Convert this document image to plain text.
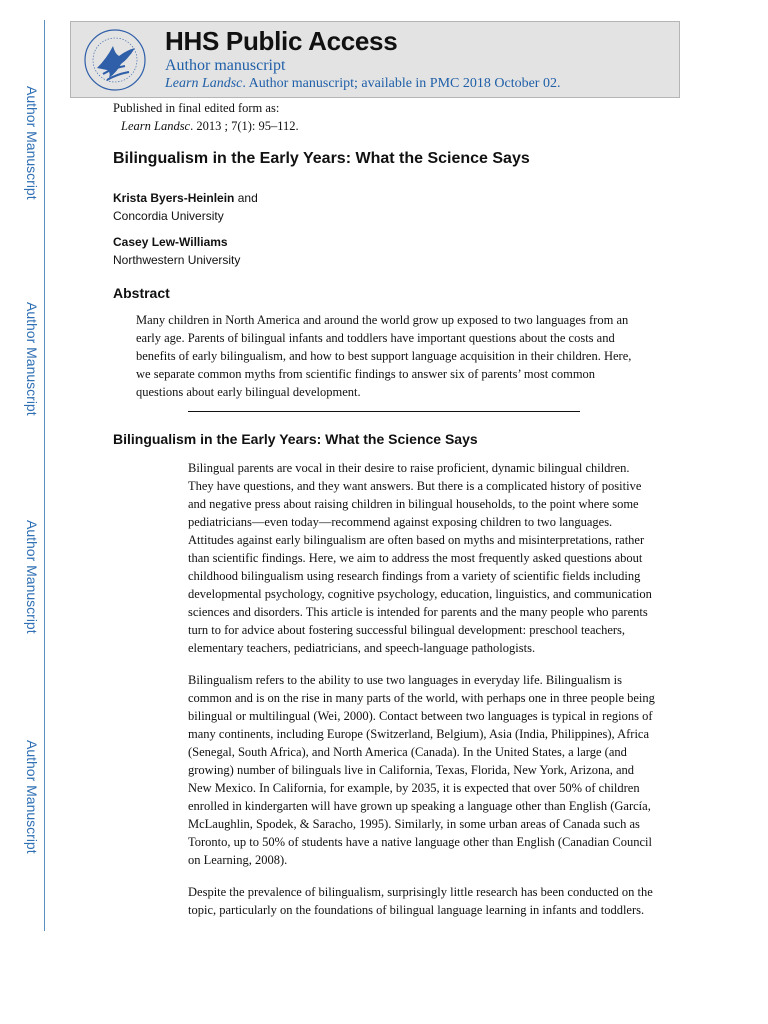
Author Manuscript
Author Manuscript
Author Manuscript
Author Manuscript
HHS Public Access
Author manuscript
Learn Landsc. Author manuscript; available in PMC 2018 October 02.
Published in final edited form as:
Learn Landsc. 2013 ; 7(1): 95–112.
Bilingualism in the Early Years: What the Science Says
Krista Byers-Heinlein and
Concordia University
Casey Lew-Williams
Northwestern University
Abstract

Many children in North America and around the world grow up exposed to two languages from an early age. Parents of bilingual infants and toddlers have important questions about the costs and benefits of early bilingualism, and how to best support language acquisition in their children. Here, we separate common myths from scientific findings to answer six of parents’ most common questions about early bilingual development.

Bilingualism in the Early Years: What the Science Says

Bilingual parents are vocal in their desire to raise proficient, dynamic bilingual children. They have questions, and they want answers. But there is a complicated history of positive and negative press about raising children in bilingual households, to the point where some pediatricians—even today—recommend against exposing children to two languages. Attitudes against early bilingualism are often based on myths and misinterpretations, rather than scientific findings. Here, we aim to address the most frequently asked questions about childhood bilingualism using research findings from a variety of scientific fields including developmental psychology, cognitive psychology, education, linguistics, and communication sciences and disorders. This article is intended for parents and the many people who parents turn to for advice about fostering successful bilingual development: preschool teachers, elementary teachers, pediatricians, and speech-language pathologists.

Bilingualism refers to the ability to use two languages in everyday life. Bilingualism is common and is on the rise in many parts of the world, with perhaps one in three people being bilingual or multilingual (Wei, 2000). Contact between two languages is typical in regions of many continents, including Europe (Switzerland, Belgium), Asia (India, Philippines), Africa (Senegal, South Africa), and North America (Canada). In the United States, a large (and growing) number of bilinguals live in California, Texas, Florida, New York, Arizona, and New Mexico. In California, for example, by 2035, it is expected that over 50% of children enrolled in kindergarten will have grown up speaking a language other than English (García, McLaughlin, Spodek, & Saracho, 1995). Similarly, in some urban areas of Canada such as Toronto, up to 50% of students have a native language other than English (Canadian Council on Learning, 2008).

Despite the prevalence of bilingualism, surprisingly little research has been conducted on the topic, particularly on the foundations of bilingual language learning in infants and toddlers.
